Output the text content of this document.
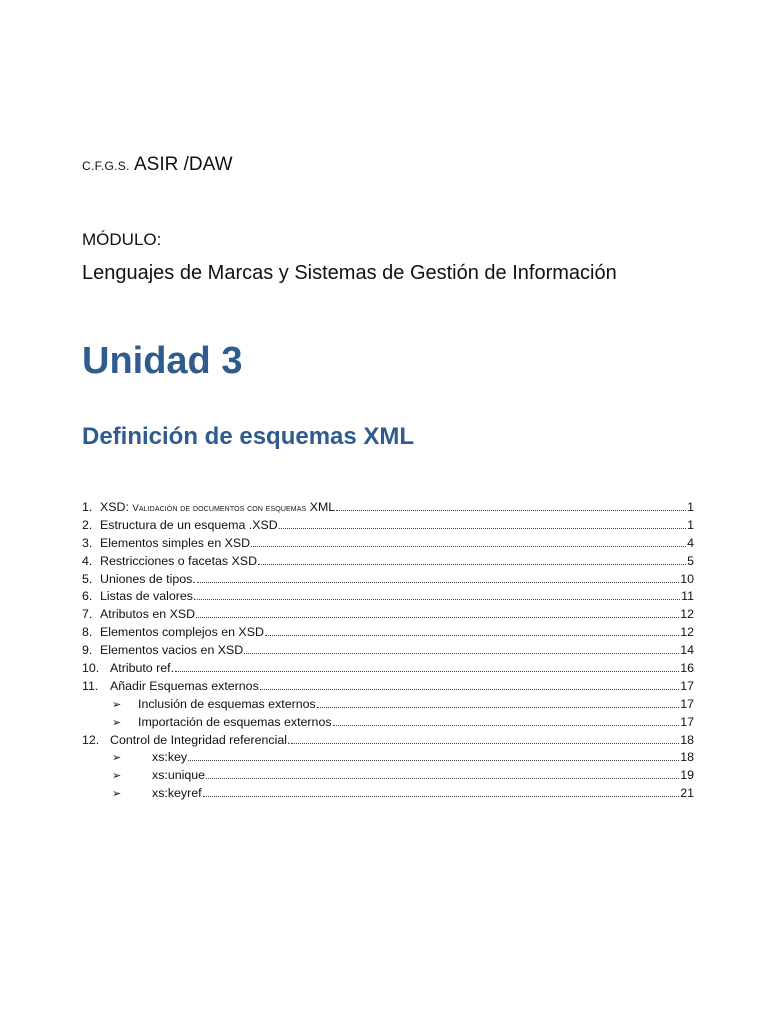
C.F.G.S. ASIR /DAW
MÓDULO:
Lenguajes de Marcas y Sistemas de Gestión de Información
Unidad 3
Definición de esquemas XML
1. XSD: Validación de documentos con esquemas XML	1
2. Estructura de un esquema .XSD	1
3. Elementos simples en XSD	4
4. Restricciones o facetas XSD	5
5. Uniones de tipos.	10
6. Listas de valores.	11
7. Atributos en XSD	12
8. Elementos complejos en XSD	12
9. Elementos vacios en XSD	14
10. Atributo ref.	16
11. Añadir Esquemas externos	17
➢	Inclusión de esquemas externos	17
➢	Importación de esquemas externos	17
12. Control de Integridad referencial.	18
➢	xs:key	18
➢	xs:unique	19
➢	xs:keyref	21
